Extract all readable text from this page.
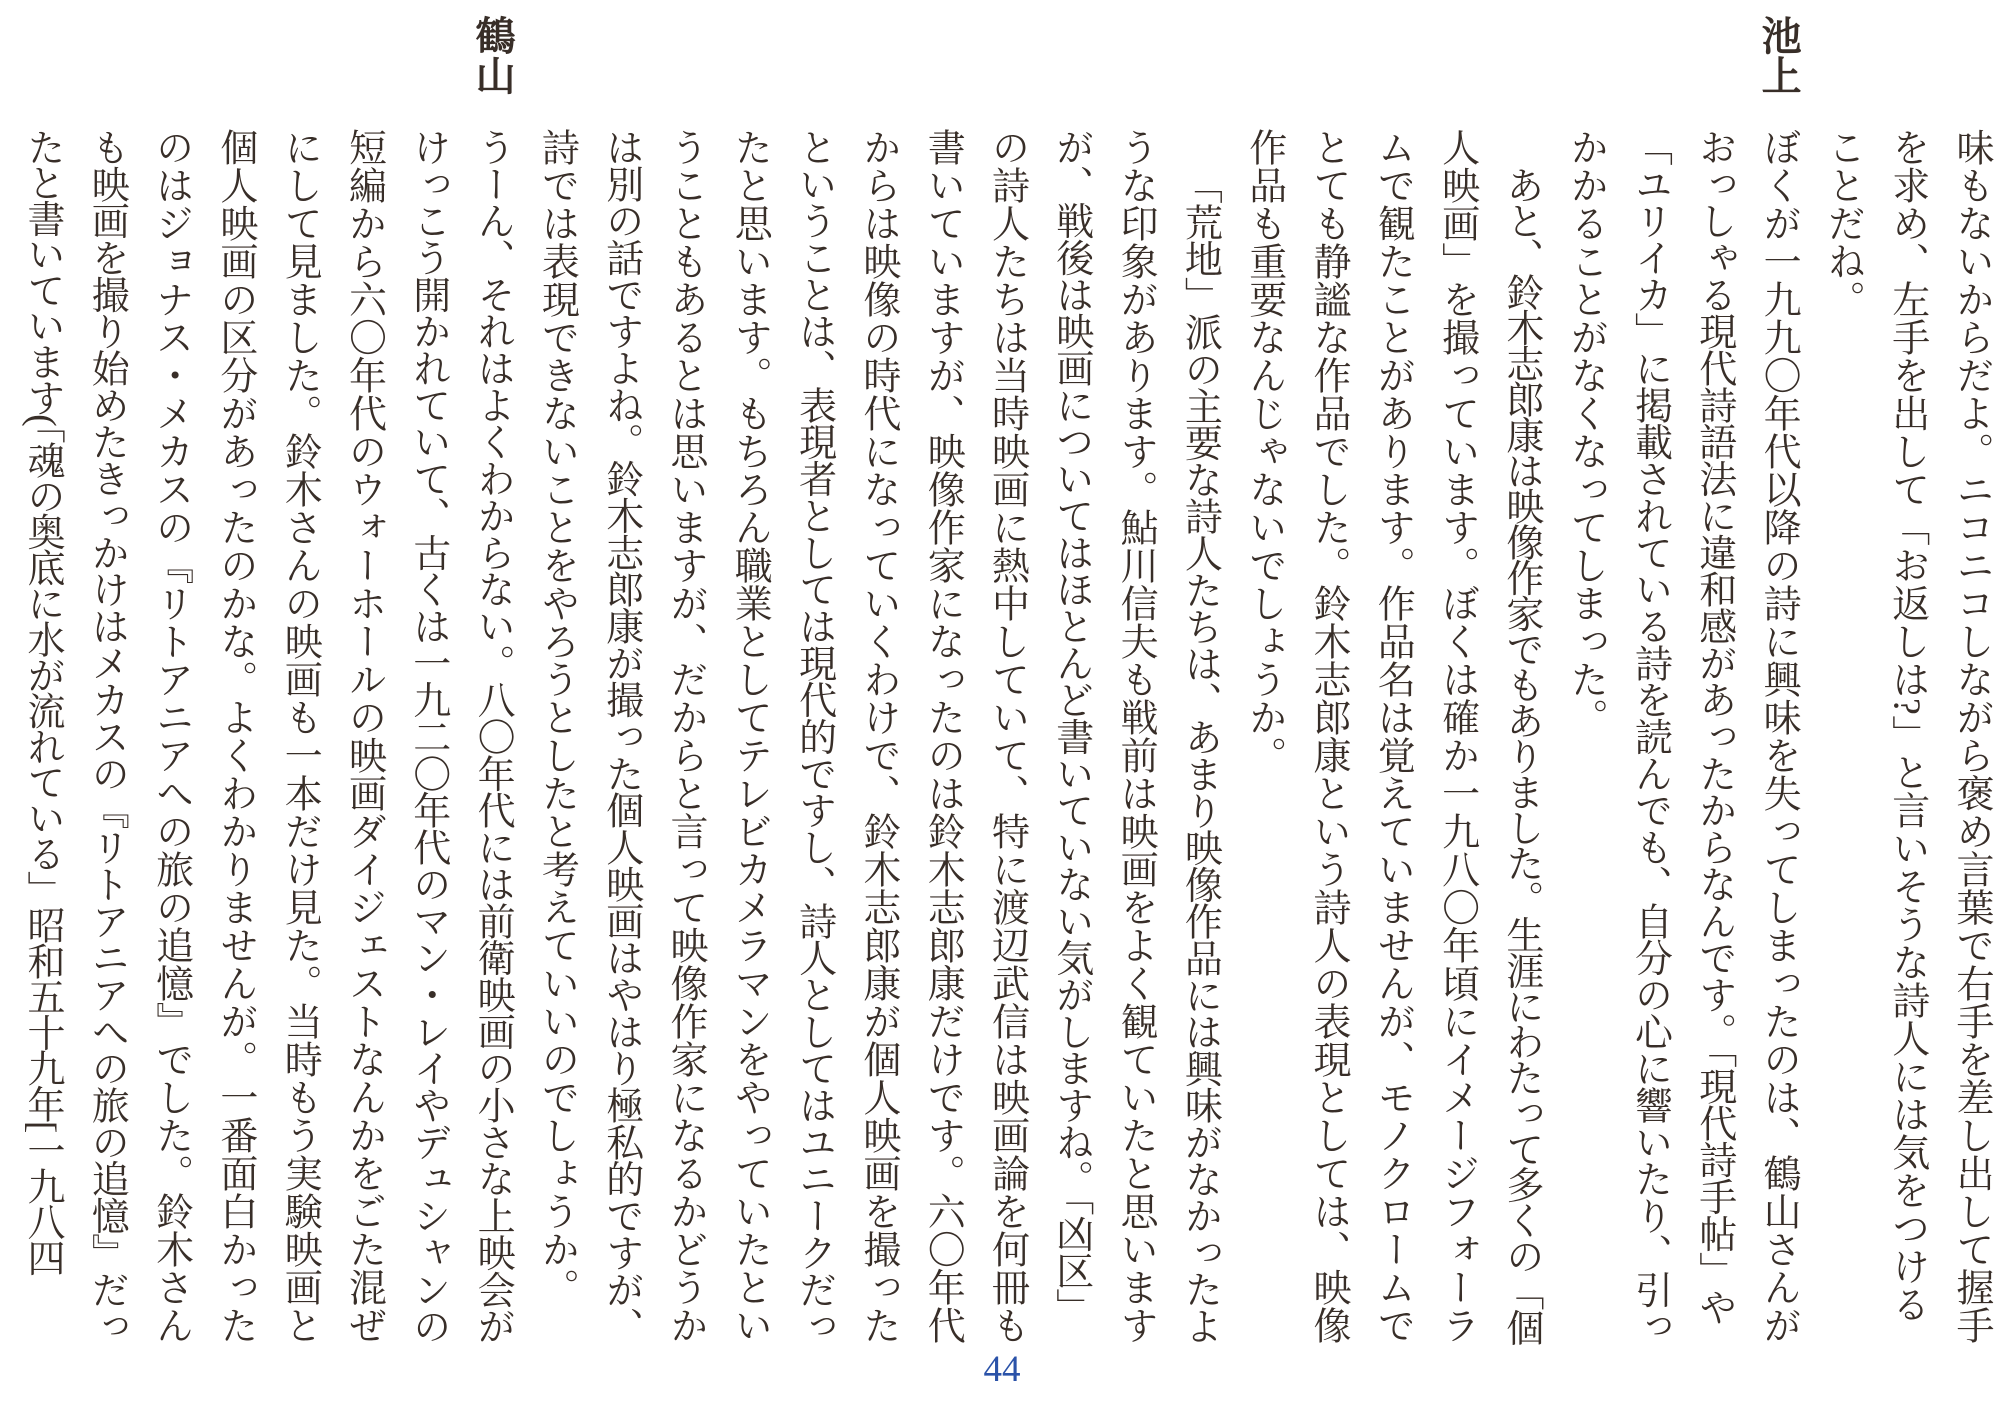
44
味もないからだよ。ニコニコしながら褒め言葉で右手を差し出して握手
を求め、左手を出して「お返しは?」と言いそうな詩人には気をつける
ことだね。
ぼくが一九九〇年代以降の詩に興味を失ってしまったのは、鶴山さんが
おっしゃる現代詩語法に違和感があったからなんです。「現代詩手帖」や
「ユリイカ」に掲載されている詩を読んでも、自分の心に響いたり、引っ
かかることがなくなってしまった。
あと、鈴木志郎康は映像作家でもありました。生涯にわたって多くの「個
人映画」を撮っています。ぼくは確か一九八〇年頃にイメージフォーラ
ムで観たことがあります。作品名は覚えていませんが、モノクロームで
とても静謐な作品でした。鈴木志郎康という詩人の表現としては、映像
作品も重要なんじゃないでしょうか。
「荒地」派の主要な詩人たちは、あまり映像作品には興味がなかったよ
うな印象があります。鮎川信夫も戦前は映画をよく観ていたと思います
が、戦後は映画についてはほとんど書いていない気がしますね。「凶区」
の詩人たちは当時映画に熱中していて、特に渡辺武信は映画論を何冊も
書いていますが、映像作家になったのは鈴木志郎康だけです。六〇年代
からは映像の時代になっていくわけで、鈴木志郎康が個人映画を撮った
ということは、表現者としては現代的ですし、詩人としてはユニークだっ
たと思います。もちろん職業としてテレビカメラマンをやっていたとい
うこともあるとは思いますが、だからと言って映像作家になるかどうか
は別の話ですよね。鈴木志郎康が撮った個人映画はやはり極私的ですが、
詩では表現できないことをやろうとしたと考えていいのでしょうか。
うーん、それはよくわからない。八〇年代には前衛映画の小さな上映会が
けっこう開かれていて、古くは一九二〇年代のマン・レイやデュシャンの
短編から六〇年代のウォーホールの映画ダイジェストなんかをごた混ぜ
にして見ました。鈴木さんの映画も一本だけ見た。当時もう実験映画と
個人映画の区分があったのかな。よくわかりませんが。一番面白かった
のはジョナス・メカスの『リトアニアへの旅の追憶』でした。鈴木さん
も映画を撮り始めたきっかけはメカスの『リトアニアへの旅の追憶』だっ
たと書いています(「魂の奥底に水が流れている」昭和五十九年[一九八四
池上
鶴山
